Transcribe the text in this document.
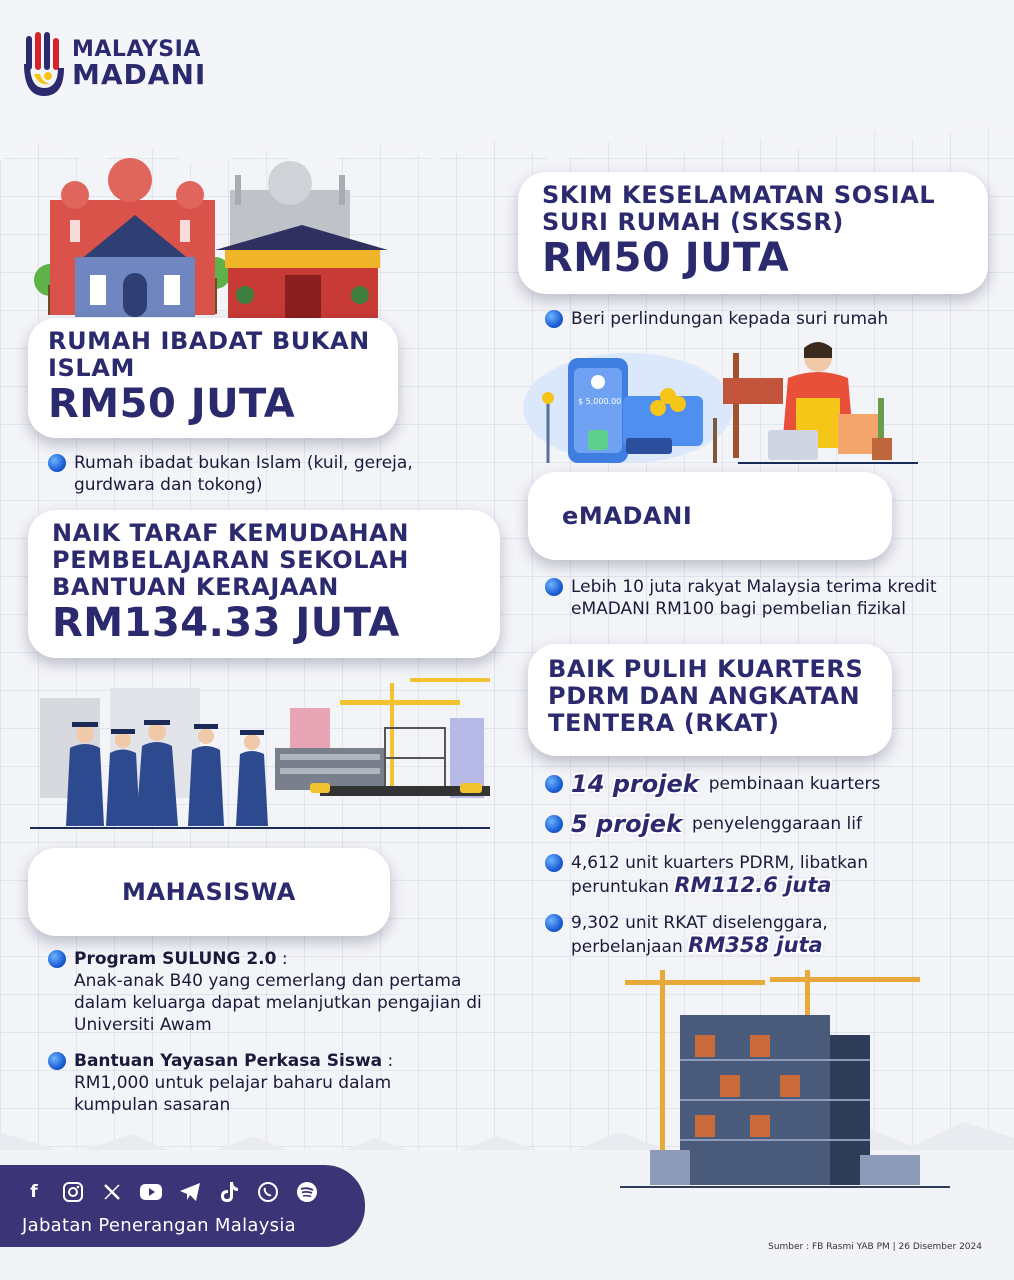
MALAYSIA
MADANI
RUMAH IBADAT BUKAN
ISLAM
RM50 JUTA
Rumah ibadat bukan Islam (kuil, gereja, gurdwara dan tokong)
NAIK TARAF KEMUDAHAN
PEMBELAJARAN SEKOLAH
BANTUAN KERAJAAN
RM134.33 JUTA
MAHASISWA
Program SULUNG 2.0 :
Anak-anak B40 yang cemerlang dan pertama dalam keluarga dapat melanjutkan pengajian di Universiti Awam
Bantuan Yayasan Perkasa Siswa :
RM1,000 untuk pelajar baharu dalam kumpulan sasaran
SKIM KESELAMATAN SOSIAL
SURI RUMAH (SKSSR)
RM50 JUTA
Beri perlindungan kepada suri rumah
$ 5,000.00
eMADANI
Lebih 10 juta rakyat Malaysia terima kredit eMADANI RM100 bagi pembelian fizikal
BAIK PULIH KUARTERS
PDRM DAN ANGKATAN
TENTERA (RKAT)
14 projek pembinaan kuarters
5 projek penyelenggaraan lif
4,612 unit kuarters PDRM, libatkan
peruntukan RM112.6 juta
9,302 unit RKAT diselenggara,
perbelanjaan RM358 juta
f
Jabatan Penerangan Malaysia
Sumber : FB Rasmi YAB PM | 26 Disember 2024
